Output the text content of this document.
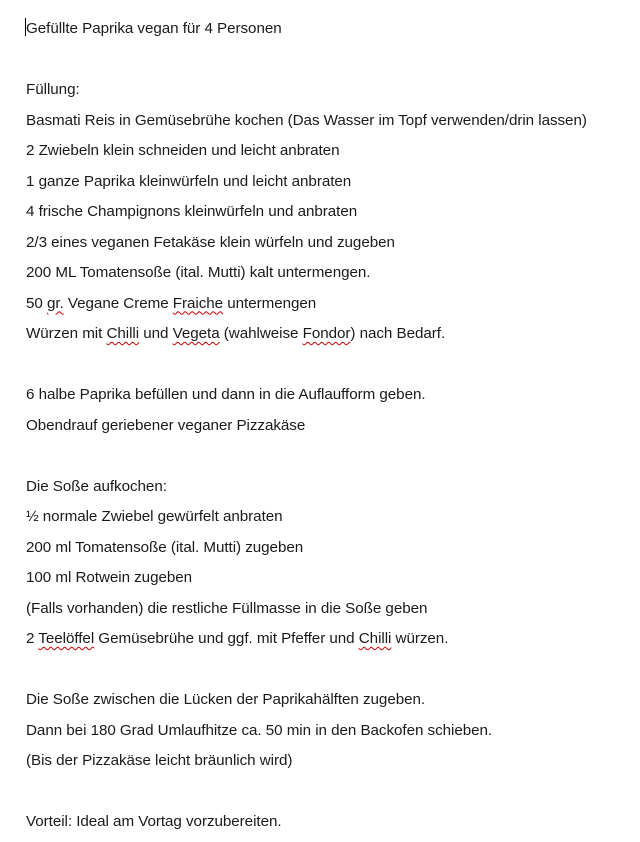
Gefüllte Paprika vegan für 4 Personen
Füllung:
Basmati Reis in Gemüsebrühe kochen (Das Wasser im Topf verwenden/drin lassen)
2 Zwiebeln klein schneiden und leicht anbraten
1 ganze Paprika kleinwürfeln und leicht anbraten
4 frische Champignons kleinwürfeln und anbraten
2/3 eines veganen Fetakäse klein würfeln und zugeben
200 ML Tomatensoße (ital. Mutti) kalt untermengen.
50 gr. Vegane Creme Fraiche untermengen
Würzen mit Chilli und Vegeta (wahlweise Fondor) nach Bedarf.
6 halbe Paprika befüllen und dann in die Auflaufform geben.
Obendrauf geriebener veganer Pizzakäse
Die Soße aufkochen:
½ normale Zwiebel gewürfelt anbraten
200 ml Tomatensoße (ital. Mutti) zugeben
100 ml Rotwein zugeben
(Falls vorhanden) die restliche Füllmasse in die Soße geben
2 Teelöffel Gemüsebrühe und ggf. mit Pfeffer und Chilli würzen.
Die Soße zwischen die Lücken der Paprikahälften zugeben.
Dann bei 180 Grad Umlaufhitze ca. 50 min in den Backofen schieben.
(Bis der Pizzakäse leicht bräunlich wird)
Vorteil: Ideal am Vortag vorzubereiten.
